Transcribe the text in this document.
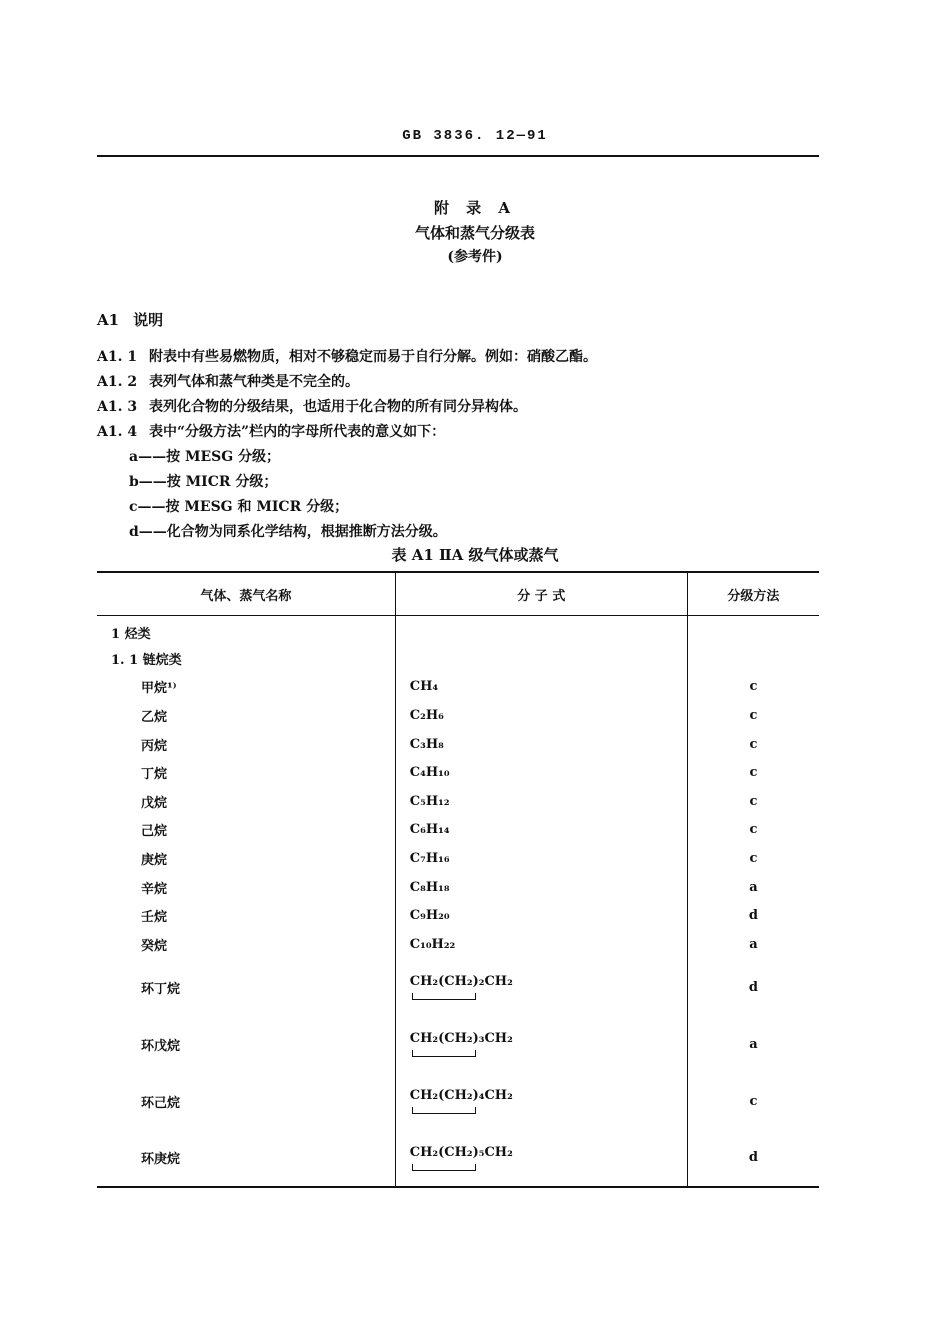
GB 3836. 12—91
附 录 A
气体和蒸气分级表
(参考件)
A1 说明
A1. 1 附表中有些易燃物质，相对不够稳定而易于自行分解。例如：硝酸乙酯。
A1. 2 表列气体和蒸气种类是不完全的。
A1. 3 表列化合物的分级结果，也适用于化合物的所有同分异构体。
A1. 4 表中“分级方法”栏内的字母所代表的意义如下：
a——按 MESG 分级；
b——按 MICR 分级；
c——按 MESG 和 MICR 分级；
d——化合物为同系化学结构，根据推断方法分级。
表 A1 ⅡA 级气体或蒸气
气体、蒸气名称	分 子 式	分级方法
1 烃类		
1. 1 链烷类		
甲烷¹⁾	CH₄	c
乙烷	C₂H₆	c
丙烷	C₃H₈	c
丁烷	C₄H₁₀	c
戊烷	C₅H₁₂	c
己烷	C₆H₁₄	c
庚烷	C₇H₁₆	c
辛烷	C₈H₁₈	a
壬烷	C₉H₂₀	d
癸烷	C₁₀H₂₂	a
环丁烷	CH₂(CH₂)₂CH₂	d
环戊烷	CH₂(CH₂)₃CH₂	a
环己烷	CH₂(CH₂)₄CH₂	c
环庚烷	CH₂(CH₂)₅CH₂	d
